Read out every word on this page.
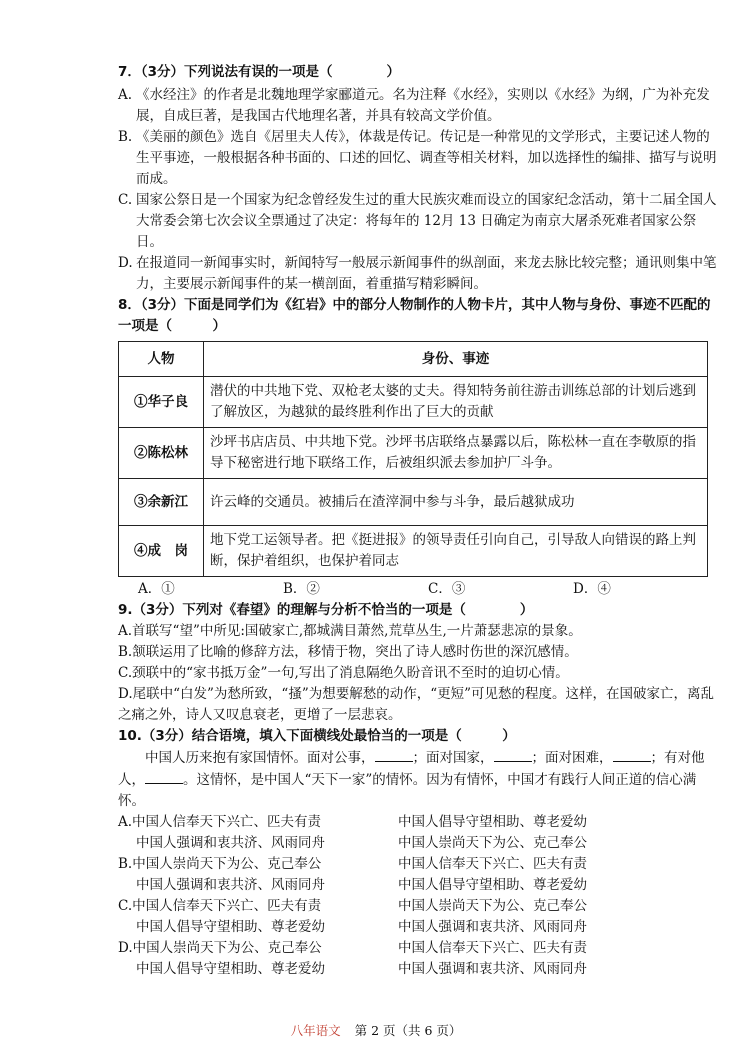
7．（3分）下列说法有误的一项是（　　　　）
A. 《水经注》的作者是北魏地理学家郦道元。名为注释《水经》，实则以《水经》为纲，广为补充发展，自成巨著，是我国古代地理名著，并具有较高文学价值。
B. 《美丽的颜色》选自《居里夫人传》，体裁是传记。传记是一种常见的文学形式，主要记述人物的生平事迹，一般根据各种书面的、口述的回忆、调查等相关材料，加以选择性的编排、描写与说明而成。
C. 国家公祭日是一个国家为纪念曾经发生过的重大民族灾难而设立的国家纪念活动，第十二届全国人大常委会第七次会议全票通过了决定：将每年的 12月 13 日确定为南京大屠杀死难者国家公祭日。
D. 在报道同一新闻事实时，新闻特写一般展示新闻事件的纵剖面，来龙去脉比较完整；通讯则集中笔力，主要展示新闻事件的某一横剖面，着重描写精彩瞬间。
8．（3分）下面是同学们为《红岩》中的部分人物制作的人物卡片，其中人物与身份、事迹不匹配的一项是（　　　）
人物	身份、事迹
①华子良	潜伏的中共地下党、双枪老太婆的丈夫。得知特务前往游击训练总部的计划后逃到了解放区，为越狱的最终胜利作出了巨大的贡献
②陈松林	沙坪书店店员、中共地下党。沙坪书店联络点暴露以后，陈松林一直在李敬原的指导下秘密进行地下联络工作，后被组织派去参加护厂斗争。
③余新江	许云峰的交通员。被捕后在渣滓洞中参与斗争，最后越狱成功
④成　岗	地下党工运领导者。把《挺进报》的领导责任引向自己，引导敌人向错误的路上判断，保护着组织，也保护着同志
A．①	B．②	C．③	D．④
9.（3分）下列对《春望》的理解与分析不恰当的一项是（　　　　）
A.首联写“望”中所见:国破家亡,都城满目萧然,荒草丛生,一片萧瑟悲凉的景象。
B.颔联运用了比喻的修辞方法，移情于物，突出了诗人感时伤世的深沉感情。
C.颈联中的“家书抵万金”一句,写出了消息隔绝久盼音讯不至时的迫切心情。
D.尾联中“白发”为愁所致，“搔”为想要解愁的动作，“更短”可见愁的程度。这样，在国破家亡，离乱之痛之外，诗人又叹息衰老，更增了一层悲哀。
10.（3分）结合语境，填入下面横线处最恰当的一项是（　　　）
中国人历来抱有家国情怀。面对公事，	；面对国家，	；面对困难，	；有对他人，	。这情怀，是中国人“天下一家”的情怀。因为有情怀，中国才有践行人间正道的信心满怀。
A.中国人信奉天下兴亡、匹夫有责	中国人倡导守望相助、尊老爱幼
中国人强调和衷共济、风雨同舟	中国人崇尚天下为公、克己奉公
B.中国人崇尚天下为公、克己奉公	中国人信奉天下兴亡、匹夫有责
中国人强调和衷共济、风雨同舟	中国人倡导守望相助、尊老爱幼
C.中国人信奉天下兴亡、匹夫有责	中国人崇尚天下为公、克己奉公
中国人倡导守望相助、尊老爱幼	中国人强调和衷共济、风雨同舟
D.中国人崇尚天下为公、克己奉公	中国人信奉天下兴亡、匹夫有责
中国人倡导守望相助、尊老爱幼	中国人强调和衷共济、风雨同舟
八年语文 第 2 页（共 6 页）
